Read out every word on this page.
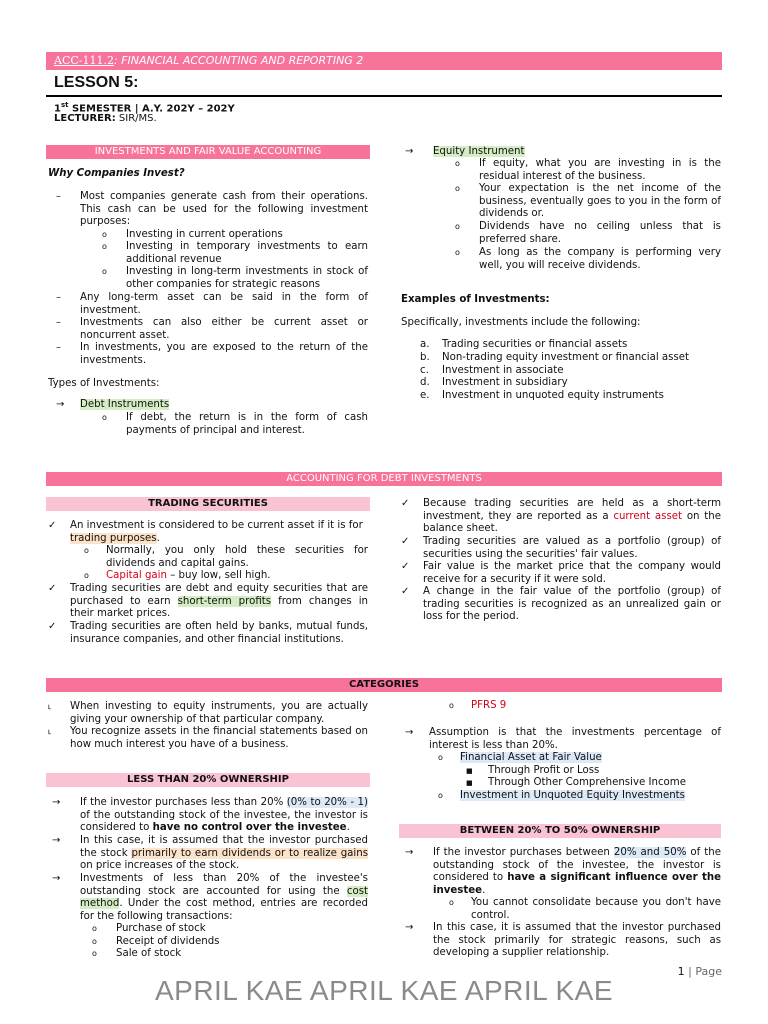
ACC-111.2: FINANCIAL ACCOUNTING AND REPORTING 2
LESSON 5:
1st SEMESTER | A.Y. 202Y – 202Y
LECTURER: SIR/MS.
INVESTMENTS AND FAIR VALUE ACCOUNTING
Why Companies Invest?
– Most companies generate cash from their operations. This cash can be used for the following investment purposes:

o Investing in current operations

o Investing in temporary investments to earn additional revenue

o Investing in long-term investments in stock of other companies for strategic reasons

– Any long-term asset can be said in the form of investment.

– Investments can also either be current asset or noncurrent asset.

– In investments, you are exposed to the return of the investments.

Types of Investments:
→ Debt Instruments

o If debt, the return is in the form of cash payments of principal and interest.

→ Equity Instrument

o If equity, what you are investing in is the residual interest of the business.

o Your expectation is the net income of the business, eventually goes to you in the form of dividends or.

o Dividends have no ceiling unless that is preferred share.

o As long as the company is performing very well, you will receive dividends.

Examples of Investments:
Specifically, investments include the following:
a. Trading securities or financial assets
b. Non-trading equity investment or financial asset
c. Investment in associate
d. Investment in subsidiary
e. Investment in unquoted equity instruments
ACCOUNTING FOR DEBT INVESTMENTS
TRADING SECURITIES
✓ An investment is considered to be current asset if it is for
trading purposes.

o Normally, you only hold these securities for dividends and capital gains.

o Capital gain – buy low, sell high.

✓ Trading securities are debt and equity securities that are purchased to earn short-term profits from changes in their market prices.

✓ Trading securities are often held by banks, mutual funds, insurance companies, and other financial institutions.

✓ Because trading securities are held as a short-term investment, they are reported as a current asset on the balance sheet.

✓ Trading securities are valued as a portfolio (group) of securities using the securities' fair values.

✓ Fair value is the market price that the company would receive for a security if it were sold.

✓ A change in the fair value of the portfolio (group) of trading securities is recognized as an unrealized gain or loss for the period.

CATEGORIES
˪ When investing to equity instruments, you are actually giving your ownership of that particular company.

˪ You recognize assets in the financial statements based on how much interest you have of a business.

LESS THAN 20% OWNERSHIP
→ If the investor purchases less than 20% (0% to 20% - 1) of the outstanding stock of the investee, the investor is considered to have no control over the investee.

→ In this case, it is assumed that the investor purchased the stock primarily to earn dividends or to realize gains on price increases of the stock.

→ Investments of less than 20% of the investee's outstanding stock are accounted for using the cost method. Under the cost method, entries are recorded for the following transactions:

o Purchase of stock
o Receipt of dividends
o Sale of stock
o PFRS 9

→ Assumption is that the investments percentage of interest is less than 20%.

o Financial Asset at Fair Value

■ Through Profit or Loss

■ Through Other Comprehensive Income

o Investment in Unquoted Equity Investments

BETWEEN 20% TO 50% OWNERSHIP
→ If the investor purchases between 20% and 50% of the outstanding stock of the investee, the investor is considered to have a significant influence over the investee.

o You cannot consolidate because you don't have control.

→ In this case, it is assumed that the investor purchased the stock primarily for strategic reasons, such as developing a supplier relationship.

1 | Page
APRIL KAE APRIL KAE APRIL KAE
